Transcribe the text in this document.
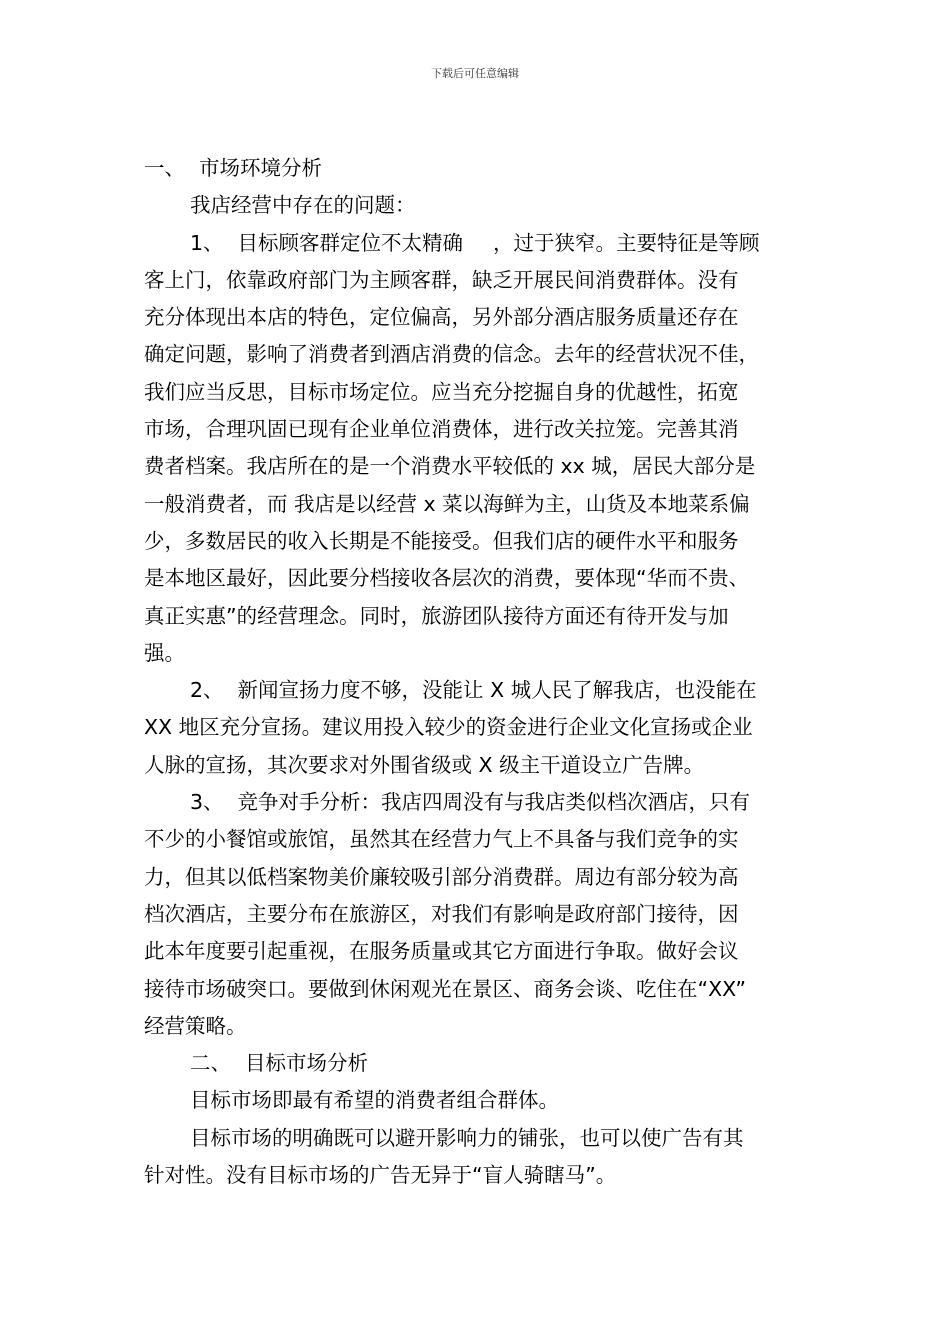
下载后可任意编辑
一、 市场环境分析
我店经营中存在的问题：
1、 目标顾客群定位不太精确 ，过于狭窄。主要特征是等顾
客上门，依靠政府部门为主顾客群，缺乏开展民间消费群体。没有
充分体现出本店的特色，定位偏高，另外部分酒店服务质量还存在
确定问题，影响了消费者到酒店消费的信念。去年的经营状况不佳，
我们应当反思，目标市场定位。应当充分挖掘自身的优越性，拓宽
市场，合理巩固已现有企业单位消费体，进行改关拉笼。完善其消
费者档案。我店所在的是一个消费水平较低的 xx 城，居民大部分是
一般消费者，而 我店是以经营 x 菜以海鲜为主，山货及本地菜系偏
少，多数居民的收入长期是不能接受。但我们店的硬件水平和服务
是本地区最好，因此要分档接收各层次的消费，要体现“华而不贵、
真正实惠”的经营理念。同时，旅游团队接待方面还有待开发与加
强。
2、 新闻宣扬力度不够，没能让 X 城人民了解我店，也没能在
XX 地区充分宣扬。建议用投入较少的资金进行企业文化宣扬或企业
人脉的宣扬，其次要求对外围省级或 X 级主干道设立广告牌。
3、 竞争对手分析：我店四周没有与我店类似档次酒店，只有
不少的小餐馆或旅馆，虽然其在经营力气上不具备与我们竞争的实
力，但其以低档案物美价廉较吸引部分消费群。周边有部分较为高
档次酒店，主要分布在旅游区，对我们有影响是政府部门接待，因
此本年度要引起重视，在服务质量或其它方面进行争取。做好会议
接待市场破突口。要做到休闲观光在景区、商务会谈、吃住在“XX”
经营策略。
二、 目标市场分析
目标市场即最有希望的消费者组合群体。
目标市场的明确既可以避开影响力的铺张，也可以使广告有其
针对性。没有目标市场的广告无异于“盲人骑瞎马”。
